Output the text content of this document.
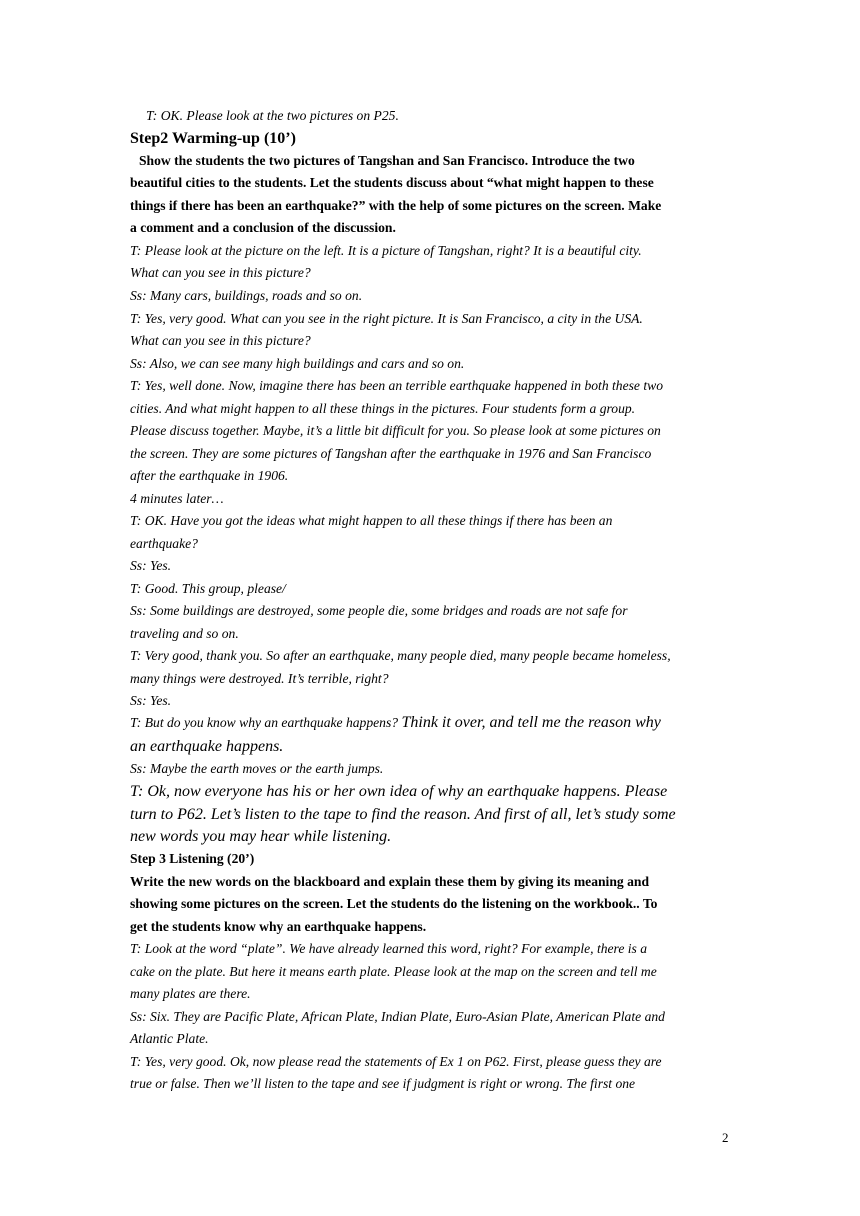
T: OK. Please look at the two pictures on P25.
Step2 Warming-up (10’)
Show the students the two pictures of Tangshan and San Francisco. Introduce the two
beautiful cities to the students. Let the students discuss about “what might happen to these
things if there has been an earthquake?” with the help of some pictures on the screen. Make
a comment and a conclusion of the discussion.
T: Please look at the picture on the left. It is a picture of Tangshan, right? It is a beautiful city.
What can you see in this picture?
Ss: Many cars, buildings, roads and so on.
T: Yes, very good. What can you see in the right picture. It is San Francisco, a city in the USA.
What can you see in this picture?
Ss: Also, we can see many high buildings and cars and so on.
T: Yes, well done. Now, imagine there has been an terrible earthquake happened in both these two
cities. And what might happen to all these things in the pictures. Four students form a group.
Please discuss together. Maybe, it’s a little bit difficult for you. So please look at some pictures on
the screen. They are some pictures of Tangshan after the earthquake in 1976 and San Francisco
after the earthquake in 1906.
4 minutes later…
T: OK. Have you got the ideas what might happen to all these things if there has been an
earthquake?
Ss: Yes.
T: Good. This group, please/
Ss: Some buildings are destroyed, some people die, some bridges and roads are not safe for
traveling and so on.
T: Very good, thank you. So after an earthquake, many people died, many people became homeless,
many things were destroyed. It’s terrible, right?
Ss: Yes.
T: But do you know why an earthquake happens? Think it over, and tell me the reason why
an earthquake happens.
Ss: Maybe the earth moves or the earth jumps.
T: Ok, now everyone has his or her own idea of why an earthquake happens. Please
turn to P62. Let’s listen to the tape to find the reason. And first of all, let’s study some
new words you may hear while listening.
Step 3 Listening (20’)
Write the new words on the blackboard and explain these them by giving its meaning and
showing some pictures on the screen. Let the students do the listening on the workbook.. To
get the students know why an earthquake happens.
T: Look at the word “plate”. We have already learned this word, right? For example, there is a
cake on the plate. But here it means earth plate. Please look at the map on the screen and tell me
many plates are there.
Ss: Six. They are Pacific Plate, African Plate, Indian Plate, Euro-Asian Plate, American Plate and
Atlantic Plate.
T: Yes, very good. Ok, now please read the statements of Ex 1 on P62. First, please guess they are
true or false. Then we’ll listen to the tape and see if judgment is right or wrong. The first one
2
